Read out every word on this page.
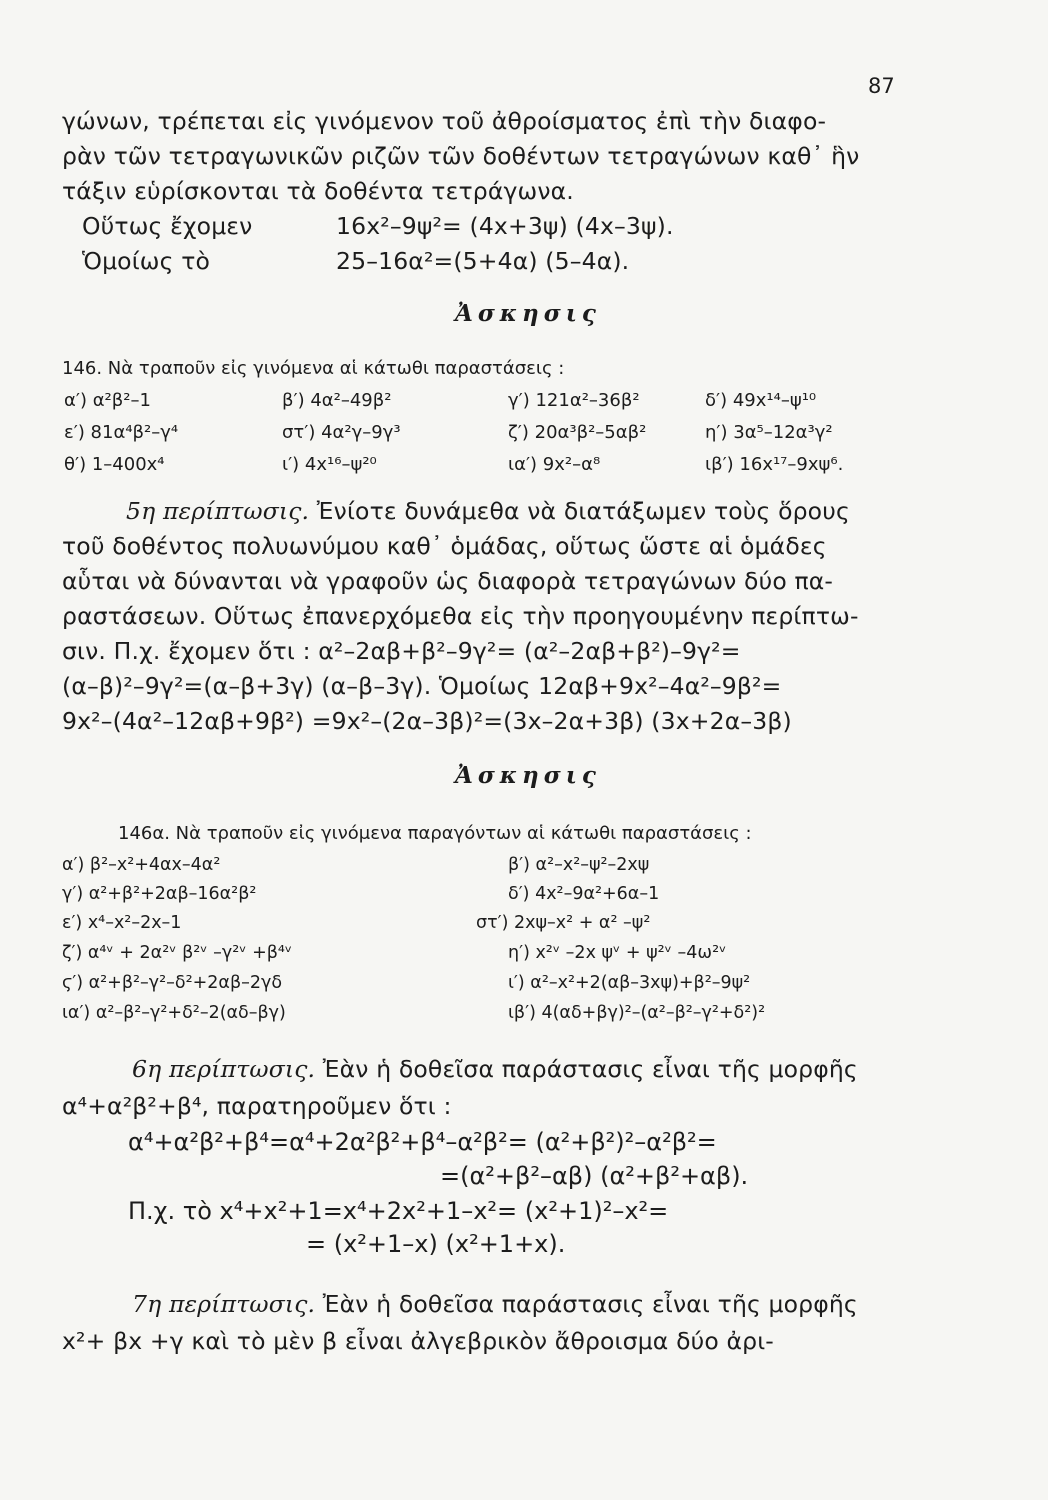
87
γώνων, τρέπεται εἰς γινόμενον τοῦ ἀθροίσματος ἐπὶ τὴν διαφο-
ρὰν τῶν τετραγωνικῶν ριζῶν τῶν δοθέντων τετραγώνων καθ᾽ ἣν
τάξιν εὑρίσκονται τὰ δοθέντα τετράγωνα.
Οὕτως ἔχομεν	16x²–9ψ²= (4x+3ψ) (4x–3ψ).
Ὁμοίως τὸ	25–16α²=(5+4α) (5–4α).
Ἀσκησις
146. Νὰ τραποῦν εἰς γινόμενα αἱ κάτωθι παραστάσεις :
α′) α²β²–1	β′) 4α²–49β²	γ′) 121α²–36β²	δ′) 49x¹⁴–ψ¹⁰
ε′) 81α⁴β²–γ⁴	στ′) 4α²γ–9γ³	ζ′) 20α³β²–5αβ²	η′) 3α⁵–12α³γ²
θ′) 1–400x⁴	ι′) 4x¹⁶–ψ²⁰	ια′) 9x²–α⁸	ιβ′) 16x¹⁷–9xψ⁶.
5η περίπτωσις. Ἐνίοτε δυνάμεθα νὰ διατάξωμεν τοὺς ὅρους
τοῦ δοθέντος πολυωνύμου καθ᾽ ὁμάδας, οὕτως ὥστε αἱ ὁμάδες
αὗται νὰ δύνανται νὰ γραφοῦν ὡς διαφορὰ τετραγώνων δύο πα-
ραστάσεων. Οὕτως ἐπανερχόμεθα εἰς τὴν προηγουμένην περίπτω-
σιν. Π.χ. ἔχομεν ὅτι : α²–2αβ+β²–9γ²= (α²–2αβ+β²)–9γ²=
(α–β)²–9γ²=(α–β+3γ) (α–β–3γ). Ὁμοίως 12αβ+9x²–4α²–9β²=
9x²–(4α²–12αβ+9β²) =9x²–(2α–3β)²=(3x–2α+3β) (3x+2α–3β)
Ἀσκησις
146α. Νὰ τραποῦν εἰς γινόμενα παραγόντων αἱ κάτωθι παραστάσεις :
α′) β²–x²+4αx–4α²	β′) α²–x²–ψ²–2xψ
γ′) α²+β²+2αβ–16α²β²	δ′) 4x²–9α²+6α–1
ε′) x⁴–x²–2x–1	στ′) 2xψ–x² + α² –ψ²
ζ′) α⁴ᵛ + 2α²ᵛ β²ᵛ –γ²ᵛ +β⁴ᵛ	η′) x²ᵛ –2x ψᵛ + ψ²ᵛ –4ω²ᵛ
ϛ′) α²+β²–γ²–δ²+2αβ–2γδ	ι′) α²–x²+2(αβ–3xψ)+β²–9ψ²
ια′) α²–β²–γ²+δ²–2(αδ–βγ)	ιβ′) 4(αδ+βγ)²–(α²–β²–γ²+δ²)²
6η περίπτωσις. Ἐὰν ἡ δοθεῖσα παράστασις εἶναι τῆς μορφῆς
α⁴+α²β²+β⁴, παρατηροῦμεν ὅτι :
α⁴+α²β²+β⁴=α⁴+2α²β²+β⁴–α²β²= (α²+β²)²–α²β²=
=(α²+β²–αβ) (α²+β²+αβ).
Π.χ. τὸ x⁴+x²+1=x⁴+2x²+1–x²= (x²+1)²–x²=
= (x²+1–x) (x²+1+x).
7η περίπτωσις. Ἐὰν ἡ δοθεῖσα παράστασις εἶναι τῆς μορφῆς
x²+ βx +γ καὶ τὸ μὲν β εἶναι ἀλγεβρικὸν ἄθροισμα δύο ἀρι-
